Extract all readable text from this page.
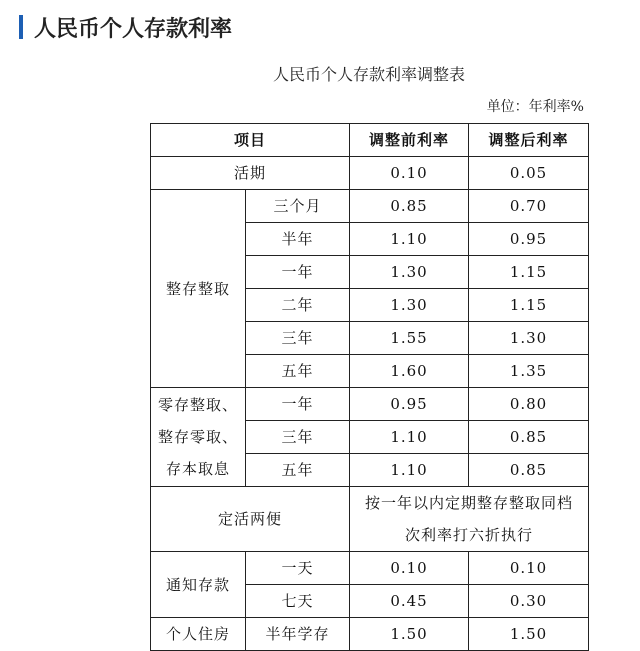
人民币个人存款利率
人民币个人存款利率调整表
单位：年利率%
项目		调整前利率	调整后利率
活期		0.10	0.05
整存整取	三个月	0.85	0.70
	半年	1.10	0.95
	一年	1.30	1.15
	二年	1.30	1.15
	三年	1.55	1.30
	五年	1.60	1.35

零存整取、
整存零取、
存本取息	一年	0.95	0.80
	三年	1.10	0.85
	五年	1.10	0.85
定活两便		按一年以内定期整存整取同档
次利率打六折执行	

通知存款	一天	0.10	0.10
	七天	0.45	0.30
个人住房	半年学存	1.50	1.50
